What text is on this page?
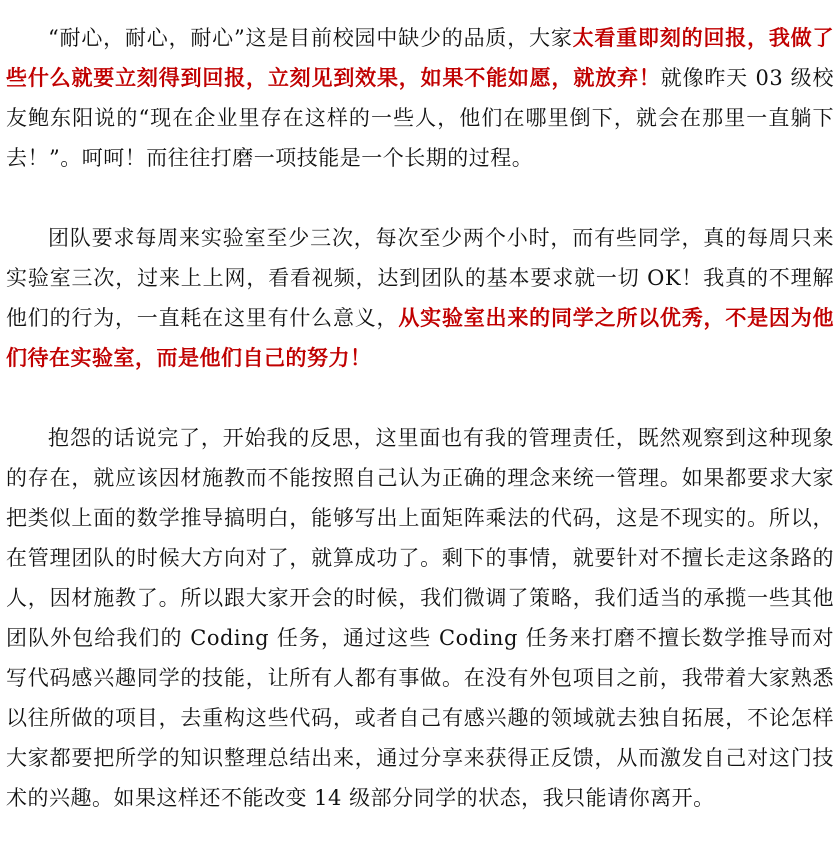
“耐心，耐心，耐心”这是目前校园中缺少的品质，大家太看重即刻的回报，我做了些什么就要立刻得到回报，立刻见到效果，如果不能如愿，就放弃！就像昨天 03 级校友鲍东阳说的“现在企业里存在这样的一些人，他们在哪里倒下，就会在那里一直躺下去！”。呵呵！而往往打磨一项技能是一个长期的过程。

团队要求每周来实验室至少三次，每次至少两个小时，而有些同学，真的每周只来实验室三次，过来上上网，看看视频，达到团队的基本要求就一切 OK！我真的不理解他们的行为，一直耗在这里有什么意义，从实验室出来的同学之所以优秀，不是因为他们待在实验室，而是他们自己的努力！

抱怨的话说完了，开始我的反思，这里面也有我的管理责任，既然观察到这种现象的存在，就应该因材施教而不能按照自己认为正确的理念来统一管理。如果都要求大家把类似上面的数学推导搞明白，能够写出上面矩阵乘法的代码，这是不现实的。所以，在管理团队的时候大方向对了，就算成功了。剩下的事情，就要针对不擅长走这条路的人，因材施教了。所以跟大家开会的时候，我们微调了策略，我们适当的承揽一些其他团队外包给我们的 Coding 任务，通过这些 Coding 任务来打磨不擅长数学推导而对写代码感兴趣同学的技能，让所有人都有事做。在没有外包项目之前，我带着大家熟悉以往所做的项目，去重构这些代码，或者自己有感兴趣的领域就去独自拓展，不论怎样大家都要把所学的知识整理总结出来，通过分享来获得正反馈，从而激发自己对这门技术的兴趣。如果这样还不能改变 14 级部分同学的状态，我只能请你离开。
